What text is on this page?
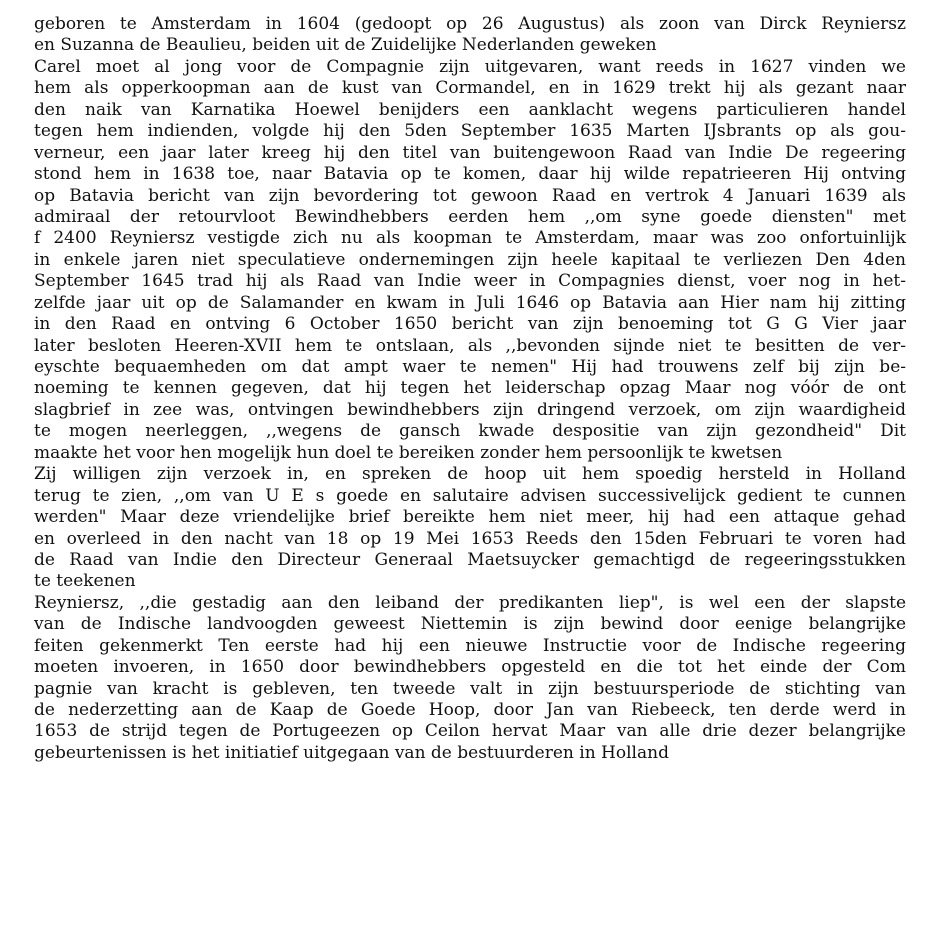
geboren te Amsterdam in 1604 (gedoopt op 26 Augustus) als zoon van Dirck Reyniersz
en Suzanna de Beaulieu, beiden uit de Zuidelijke Nederlanden geweken
Carel moet al jong voor de Compagnie zijn uitgevaren, want reeds in 1627 vinden we
hem als opperkoopman aan de kust van Cormandel, en in 1629 trekt hij als gezant naar
den naik van Karnatika Hoewel benijders een aanklacht wegens particulieren handel
tegen hem indienden, volgde hij den 5den September 1635 Marten IJsbrants op als gou-
verneur, een jaar later kreeg hij den titel van buitengewoon Raad van Indie De regeering
stond hem in 1638 toe, naar Batavia op te komen, daar hij wilde repatrieeren Hij ontving
op Batavia bericht van zijn bevordering tot gewoon Raad en vertrok 4 Januari 1639 als
admiraal der retourvloot Bewindhebbers eerden hem ,,om syne goede diensten" met
f 2400 Reyniersz vestigde zich nu als koopman te Amsterdam, maar was zoo onfortuinlijk
in enkele jaren niet speculatieve ondernemingen zijn heele kapitaal te verliezen Den 4den
September 1645 trad hij als Raad van Indie weer in Compagnies dienst, voer nog in het-
zelfde jaar uit op de Salamander en kwam in Juli 1646 op Batavia aan Hier nam hij zitting
in den Raad en ontving 6 October 1650 bericht van zijn benoeming tot G G Vier jaar
later besloten Heeren-XVII hem te ontslaan, als ,,bevonden sijnde niet te besitten de ver-
eyschte bequaemheden om dat ampt waer te nemen" Hij had trouwens zelf bij zijn be-
noeming te kennen gegeven, dat hij tegen het leiderschap opzag Maar nog vóór de ont
slagbrief in zee was, ontvingen bewindhebbers zijn dringend verzoek, om zijn waardigheid
te mogen neerleggen, ,,wegens de gansch kwade despositie van zijn gezondheid" Dit
maakte het voor hen mogelijk hun doel te bereiken zonder hem persoonlijk te kwetsen
Zij willigen zijn verzoek in, en spreken de hoop uit hem spoedig hersteld in Holland
terug te zien, ,,om van U E s goede en salutaire advisen successivelijck gedient te cunnen
werden" Maar deze vriendelijke brief bereikte hem niet meer, hij had een attaque gehad
en overleed in den nacht van 18 op 19 Mei 1653 Reeds den 15den Februari te voren had
de Raad van Indie den Directeur Generaal Maetsuycker gemachtigd de regeeringsstukken
te teekenen
Reyniersz, ,,die gestadig aan den leiband der predikanten liep", is wel een der slapste
van de Indische landvoogden geweest Niettemin is zijn bewind door eenige belangrijke
feiten gekenmerkt Ten eerste had hij een nieuwe Instructie voor de Indische regeering
moeten invoeren, in 1650 door bewindhebbers opgesteld en die tot het einde der Com
pagnie van kracht is gebleven, ten tweede valt in zijn bestuursperiode de stichting van
de nederzetting aan de Kaap de Goede Hoop, door Jan van Riebeeck, ten derde werd in
1653 de strijd tegen de Portugeezen op Ceilon hervat Maar van alle drie dezer belangrijke
gebeurtenissen is het initiatief uitgegaan van de bestuurderen in Holland
